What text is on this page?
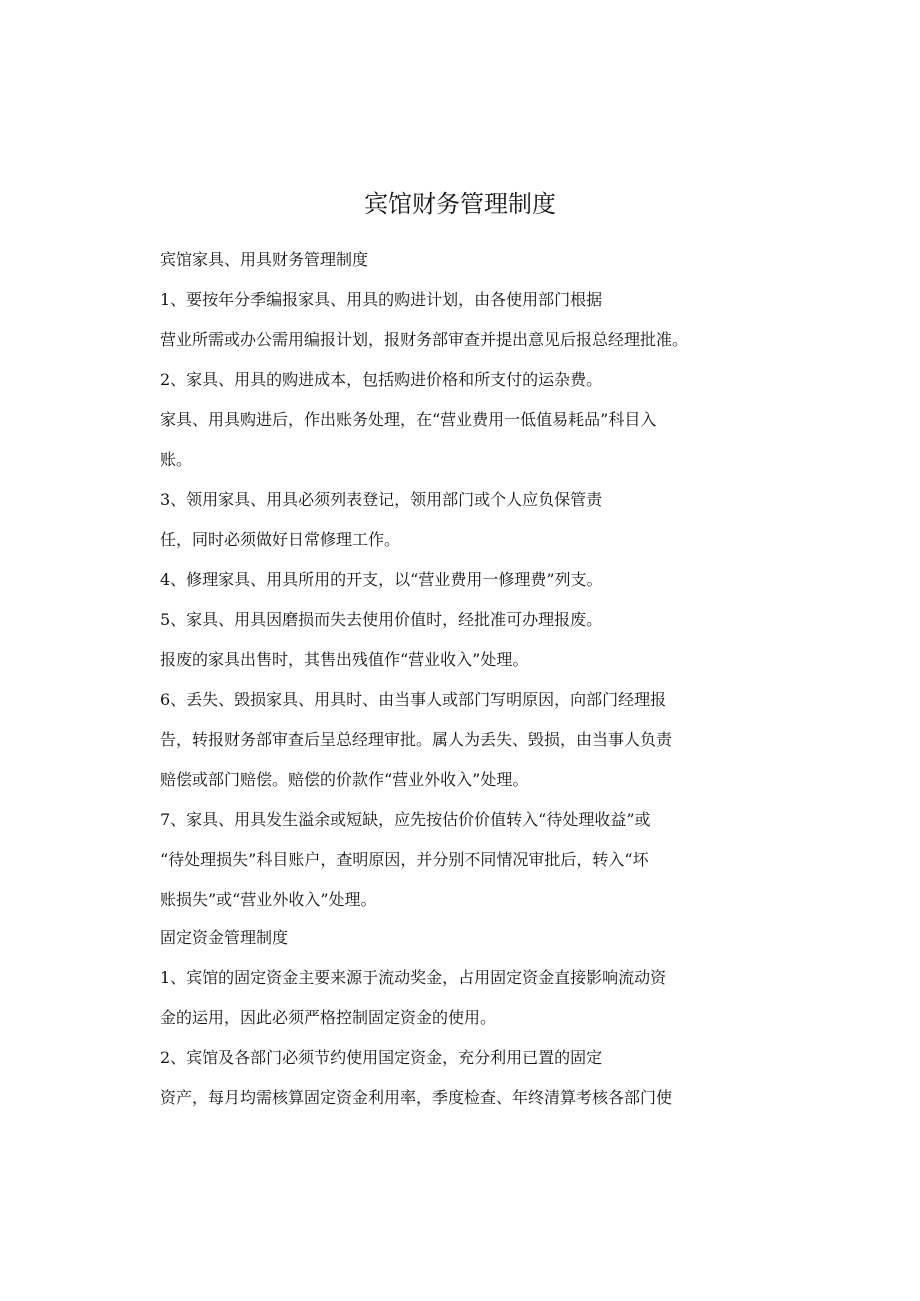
宾馆财务管理制度
宾馆家具、用具财务管理制度
1、要按年分季编报家具、用具的购进计划，由各使用部门根据
营业所需或办公需用编报计划，报财务部审查并提出意见后报总经理批准。
2、家具、用具的购进成本，包括购进价格和所支付的运杂费。
家具、用具购进后，作出账务处理，在“营业费用一低值易耗品”科目入
账。
3、领用家具、用具必须列表登记，领用部门或个人应负保管责
任，同时必须做好日常修理工作。
4、修理家具、用具所用的开支，以“营业费用一修理费”列支。
5、家具、用具因磨损而失去使用价值时，经批准可办理报废。
报废的家具出售时，其售出残值作“营业收入”处理。
6、丢失、毁损家具、用具时、由当事人或部门写明原因，向部门经理报
告，转报财务部审查后呈总经理审批。属人为丢失、毁损，由当事人负责
赔偿或部门赔偿。赔偿的价款作“营业外收入”处理。
7、家具、用具发生溢余或短缺，应先按估价价值转入“待处理收益”或
“待处理损失”科目账户，查明原因，并分别不同情况审批后，转入“坏
账损失”或“营业外收入”处理。
固定资金管理制度
1、宾馆的固定资金主要来源于流动奖金，占用固定资金直接影响流动资
金的运用，因此必须严格控制固定资金的使用。
2、宾馆及各部门必须节约使用国定资金，充分利用已置的固定
资产，每月均需核算固定资金利用率，季度检查、年终清算考核各部门使
